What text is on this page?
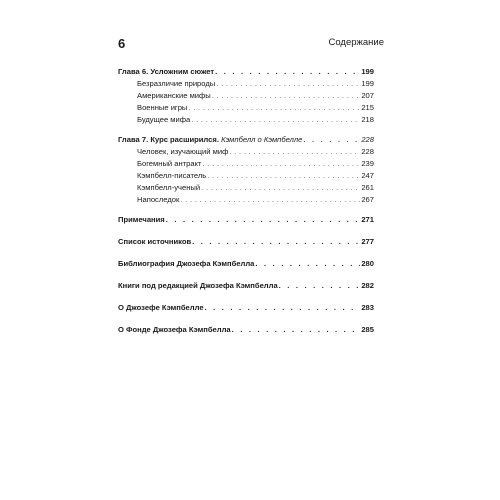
6	Содержание
Глава 6. Усложним сюжет . . .	199
Безразличие природы . . .	199
Американские мифы . . .	207
Военные игры . . .	215
Будущее мифа . . .	218
Глава 7. Курс расширился. Кэмпбелл о Кэмпбелле . . .	228
Человек, изучающий миф . . .	228
Богемный антракт . . .	239
Кэмпбелл-писатель . . .	247
Кэмпбелл-ученый . . .	261
Напоследок . . .	267
Примечания . . .	271
Список источников . . .	277
Библиография Джозефа Кэмпбелла . . .	280
Книги под редакцией Джозефа Кэмпбелла . . .	282
О Джозефе Кэмпбелле . . .	283
О Фонде Джозефа Кэмпбелла . . .	285
